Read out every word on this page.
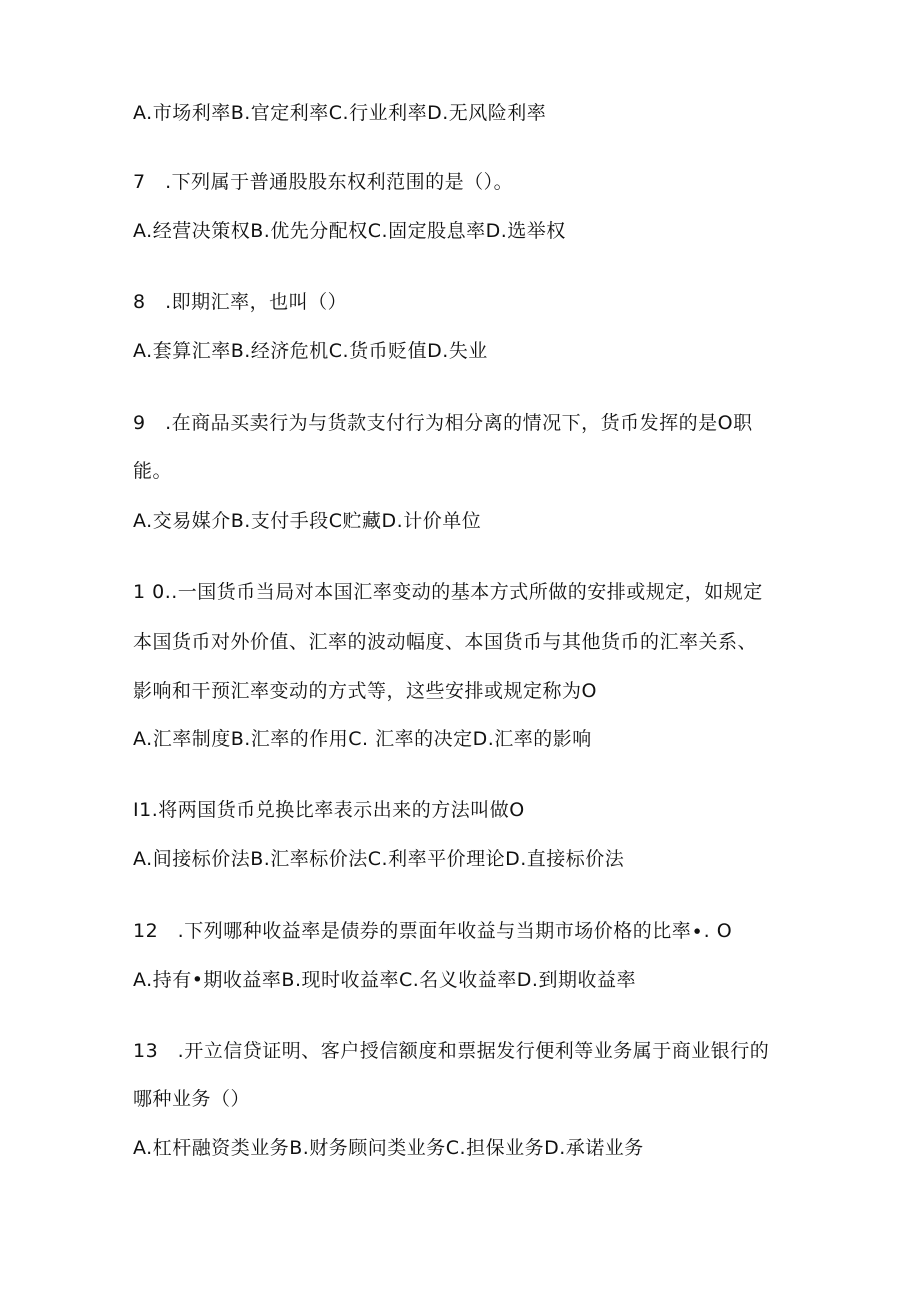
A.市场利率B.官定利率C.行业利率D.无风险利率
7　.下列属于普通股股东权利范围的是（）。
A.经营决策权B.优先分配权C.固定股息率D.选举权
8　.即期汇率，也叫（）
A.套算汇率B.经济危机C.货币贬值D.失业
9　.在商品买卖行为与货款支付行为相分离的情况下，货币发挥的是O职
能。
A.交易媒介B.支付手段C贮藏D.计价单位
1 0..一国货币当局对本国汇率变动的基本方式所做的安排或规定，如规定
本国货币对外价值、汇率的波动幅度、本国货币与其他货币的汇率关系、
影响和干预汇率变动的方式等，这些安排或规定称为O
A.汇率制度B.汇率的作用C. 汇率的决定D.汇率的影响
I1.将两国货币兑换比率表示出来的方法叫做O
A.间接标价法B.汇率标价法C.利率平价理论D.直接标价法
12　.下列哪种收益率是债券的票面年收益与当期市场价格的比率∙. O
A.持有•期收益率B.现时收益率C.名义收益率D.到期收益率
13　.开立信贷证明、客户授信额度和票据发行便利等业务属于商业银行的
哪种业务（）
A.杠杆融资类业务B.财务顾问类业务C.担保业务D.承诺业务
